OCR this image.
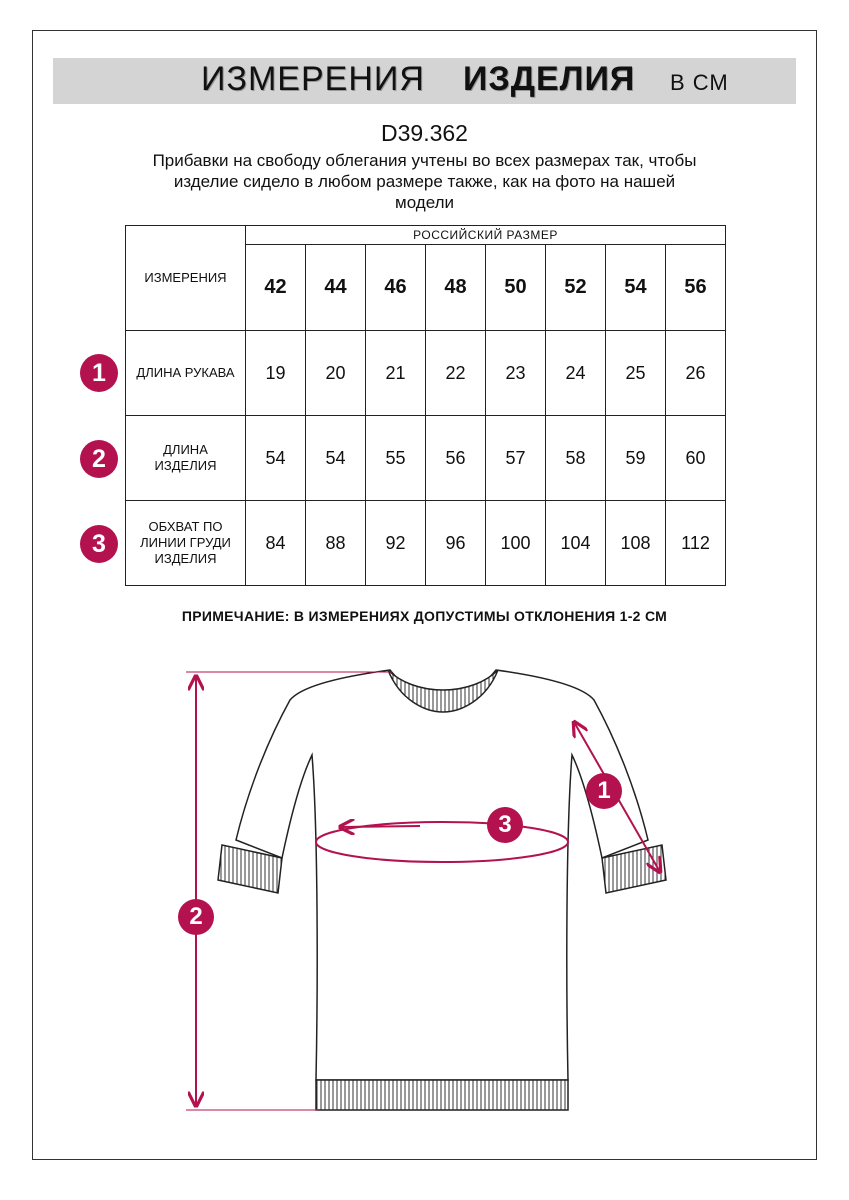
ИЗМЕРЕНИЯ ИЗДЕЛИЯ В СМ
D39.362
Прибавки на свободу облегания учтены во всех размерах так, чтобы
изделие сидело в любом размере также, как на фото на нашей
модели
ИЗМЕРЕНИЯ	РОССИЙСКИЙ РАЗМЕР							
	42	44	46	48	50	52	54	56

ДЛИНА РУКАВА	19	20	21	22	23	24	25	26

ДЛИНА
ИЗДЕЛИЯ	54	54	55	56	57	58	59	60

ОБХВАТ ПО
ЛИНИИ ГРУДИ
ИЗДЕЛИЯ	84	88	92	96	100	104	108	112
1
2
3
ПРИМЕЧАНИЕ: В ИЗМЕРЕНИЯХ ДОПУСТИМЫ ОТКЛОНЕНИЯ 1-2 СМ
1
2
3
